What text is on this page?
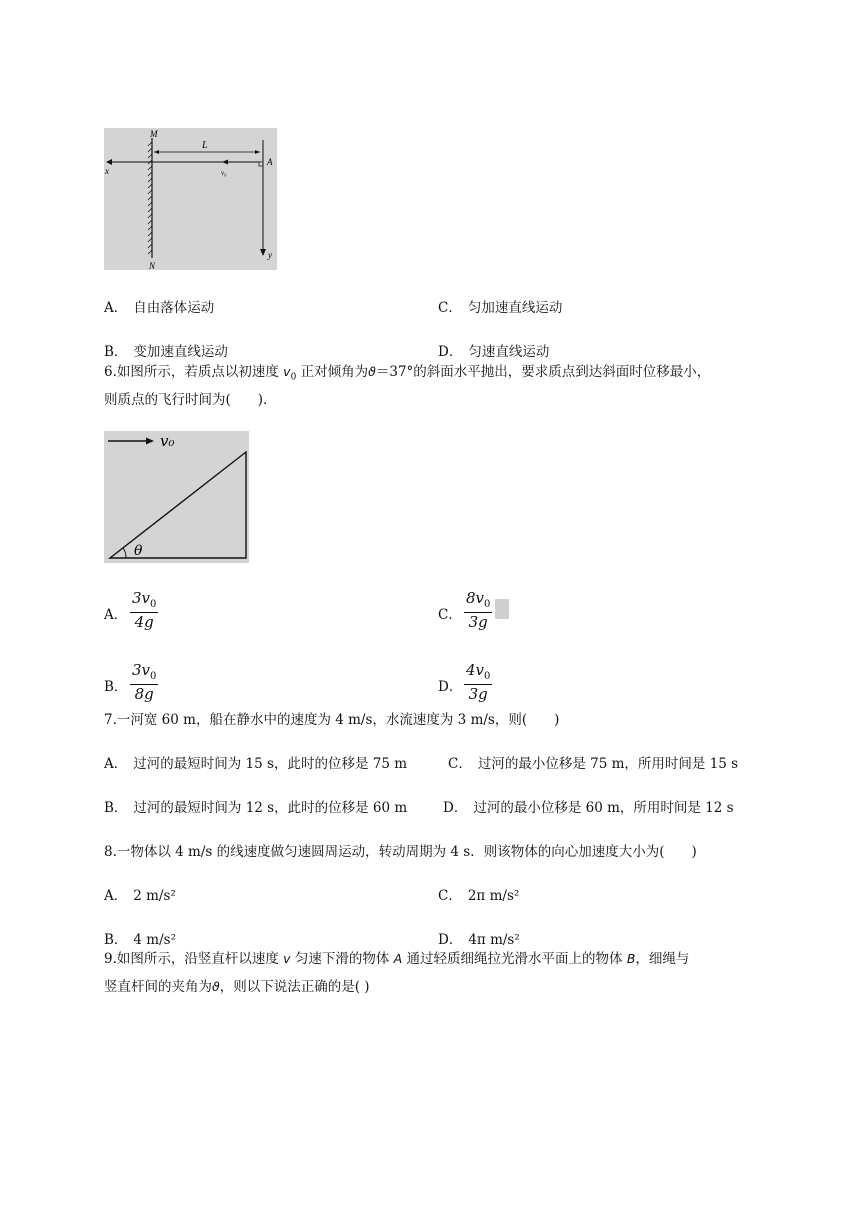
M
N
L
A
x
y
v₀
A． 自由落体运动	C． 匀加速直线运动
B． 变加速直线运动	D． 匀速直线运动
6.如图所示，若质点以初速度 $v_0$ 正对倾角为ϑ＝37°的斜面水平抛出，要求质点到达斜面时位移最小，
则质点的飞行时间为(　　).
v₀
θ
A． $\frac{3v_0}{4g}$	C． $\frac{8v_0}{3g}$
B． $\frac{3v_0}{8g}$	D． $\frac{4v_0}{3g}$
7.一河宽 60 m，船在静水中的速度为 4 m/s，水流速度为 3 m/s，则(　　)
A． 过河的最短时间为 15 s，此时的位移是 75 m	C． 过河的最小位移是 75 m，所用时间是 15 s
B． 过河的最短时间为 12 s，此时的位移是 60 m	D． 过河的最小位移是 60 m，所用时间是 12 s
8.一物体以 4 m/s 的线速度做匀速圆周运动，转动周期为 4 s．则该物体的向心加速度大小为(　　)
A． 2 m/s²	C． 2π m/s²
B． 4 m/s²	D． 4π m/s²
9.如图所示，沿竖直杆以速度 v 匀速下滑的物体 A 通过轻质细绳拉光滑水平面上的物体 B，细绳与
竖直杆间的夹角为ϑ，则以下说法正确的是( )
